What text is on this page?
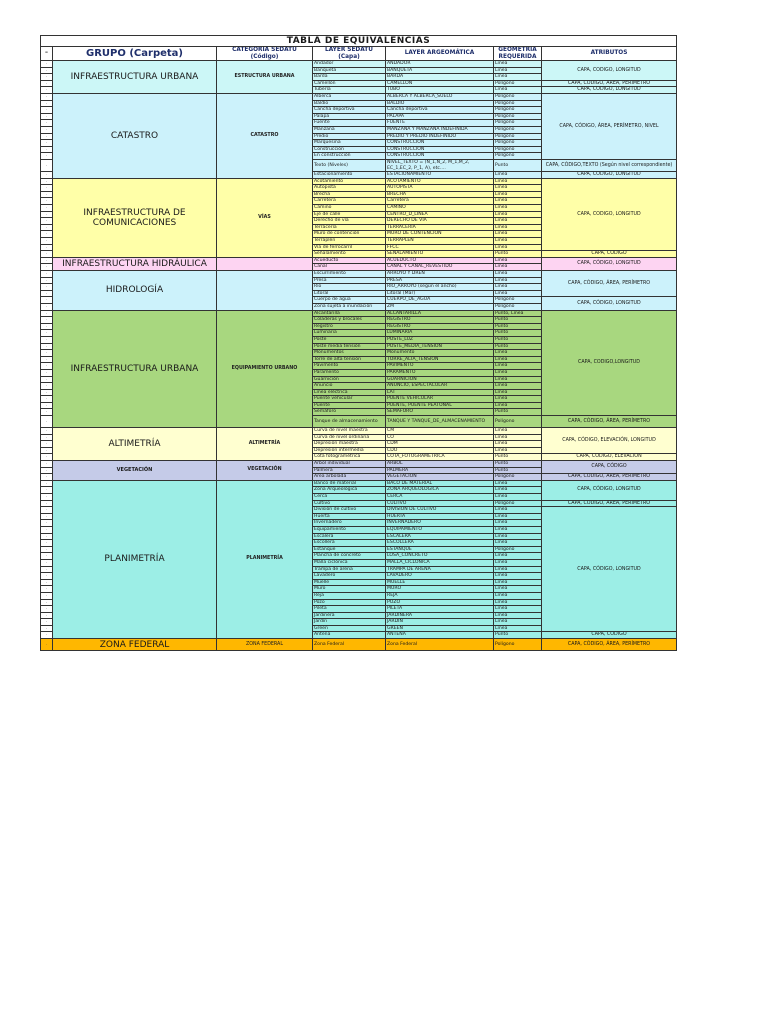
TABLA DE EQUIVALENCIAS						
–	GRUPO (Carpeta)	CATEGORIA SEDATU (Código)	LAYER SEDATU (Capa)	LAYER ARGEOMÁTICA	GEOMETRIA REQUERIDA	ATRIBUTOS
-	INFRAESTRUCTURA URBANA	ESTRUCTURA URBANA	Andador	ANDADOR	Línea	CAPA, CODIGO, LONGITUD
-			Banqueta	BANQUETA	Línea	
-			Barda	BARDA	Línea	
-			Camellón	CAMELLON	Polígono	CAPA, CÓDIGO, ÁREA, PERÍMETRO
-			Tubería	TUBO	Línea	CAPA, CÓDIGO, LONGITUD
-	CATASTRO	CATASTRO	Alberca	ALBERCA Y ALBERCA_SUELO	Polígono	CAPA, CÓDIGO, ÁREA, PERÍMETRO, NIVEL
-			Baldío	BALDIO	Polígono	
-			Cancha deportiva	Cancha deportiva	Polígono	
-			Palapa	PALAPA	Polígono	
-			Fuente	FUENTE	Polígono	
-			Manzana	MANZANA Y MANZANA INDEFINIDA	Polígono	
-			Predio	PREDIO Y PREDIO INDEFINIDO	Polígono	
-			Marquesina	CONSTRUCCION	Polígono	
-			Construcción	CONSTRUCCION	Polígono	
-			En construcción	CONSTRUCCION	Polígono	
-			Texto (Niveles)	NIVEL_TEXTO = (N_1,N_2, M_1,M_2, EC_1,EC_2, P_1, A), etc....	Punto	CAPA, CÓDIGO,TEXTO (Según nivel correspondiente)
-			Estacionamiento	ESTACIONAMIENTO	Línea	CAPA, CÓDIGO, LONGITUD
-	INFRAESTRUCTURA DE COMUNICACIONES	VÍAS	Acotamiento	ACOTAMIENTO	Línea	CAPA, CODIGO, LONGITUD
-			Autopista	AUTOPISTA	Línea	
-			Brecha	BRECHA	Línea	
-			Carretera	Carretera	Línea	
-			Camino	CAMINO	Línea	
-			Eje de calle	CENTRO_D_LINEA	Línea	
-			Derecho de vía	DERECHO DE VIA	Línea	
-			Terracería	TERRACERIA	Línea	
-			Muro de contención	MURO DE CONTENCION	Línea	
-			Terraplén	TERRAPLEN	Línea	
-			Vía de ferrocarril	FFCC	Línea	
-			Señalamiento	SEÑALAMIENTO	Punto	CAPA, CODIGO
-	INFRAESTRUCTURA HIDRÁULICA		Acueducto	ACUEDUCTO	Línea	CAPA, CÓDIGO, LONGITUD
-			Canal	CANAL Y CANAL_REVESTIDO	Línea	
-	HIDROLOGÍA		Escurrimiento	ARROYO Y DREN	Línea	CAPA, CÓDIGO, ÁREA, PERÍMETRO
-			Presa	PRESA	Línea	
-			Río	RIO_ARROYO (según el ancho)	Línea	
-			Litoral	Litoral (Mar)	Línea	
-			Cuerpo de agua	CUERPO_DE_AGUA	Polígono	CAPA, CÓDIGO, LONGITUD
-			Zona sujeta a inundación	ZM	Polígono	
-	INFRAESTRUCTURA URBANA	EQUIPAMIENTO URBANO	Alcantarilla	ALCANTARILLA	Punto, Línea	CAPA, CODIGO,LONGITUD
-			Coladeras y brocales	REGISTRO	Punto	
-			Registro	REGISTRO	Punto	
-			Luminaria	LUMINARIA	Punto	
-			Poste	POSTE_LUZ	Punto	
-			Poste media tensión	POSTE_MEDIA_TENSION	Punto	
-			Monumentos	Monumento	Línea	
-			Torre de alta tensión	TORRE_ALTA_TENSION	Línea	
-			Pavimento	PAVIMENTO	Línea	
-			Paramento	PARAMENTO	Línea	
-			Guarnición	GUARNICION	Línea	
-			Anuncio	ANUNCIO, ESPECTACULAR	Línea	
-			Línea eléctrica	LAT	Línea	
-			Puente vehicular	PUENTE VEHICULAR	Línea	
-			Puente	PUENTE, PUENTE PEATONAL	Línea	
-			Semáforo	SEMAFORO	Punto	
-			Tanque de almacenamiento	TANQUE Y TANQUE_DE_ALMACENAMIENTO	Polígono	CAPA, CÓDIGO, ÁREA, PERÍMETRO
-	ALTIMETRÍA	ALTIMETRÍA	Curva de nivel maestra	CM	Línea	CAPA, CÓDIGO, ELEVACIÓN, LONGITUD
-			Curva de nivel ordinaria	CO	Línea	
-			Depresión maestra	CDM	Línea	
-			Depresión intermedia	CDO	Línea	
-			Cota fotogramétrica	COTA_FOTOGRAMETRICA	Punto	CAPA, CÓDIGO, ELEVACIÓN
-	VEGETACIÓN	VEGETACIÓN	Árbol individual	ARBOL	Punto	CAPA, CÓDIGO
-			Palmera	PALMERA	Punto	
-			Área arbolada	VEGETACION	Polígono	CAPA, CÓDIGO, ÁREA, PERÍMETRO
-	PLANIMETRÍA	PLANIMETRÍA	Banco de material	BACO DE MATERIAL	Línea	CAPA, CÓDIGO, LONGITUD
-			Zona Arqueológica	ZONA ARQUEOLÓGICA	Línea	
-			Cerca	CERCA	Línea	
-			Cultivo	CULTIVO	Polígono	CAPA, CÓDIGO, ÁREA, PERÍMETRO
-			División de cultivo	DIVISION DE CULTIVO	Línea	CAPA, CÓDIGO, LONGITUD
-			Huerta	HUERTA	Línea	
-			Invernadero	INVERNADERO	Línea	
-			Equipamiento	EQUIPAMIENTO	Línea	
-			Escalera	ESCALERA	Línea	
-			Escollera	ESCOLLERA	Línea	
-			Estanque	ESTANQUE	Polígono	
-			Plancha de concreto	LOSA_CONCRETO	Línea	
-			Malla ciclónica	MALLA_CICLONICA	Línea	
-			Trampa de arena	TRAMPA DE ARENA	Línea	
-			Lavadero	LAVADERO	Línea	
-			Muelle	MUELLE	Línea	
-			Muro	MURO	Línea	
-			Reja	REJA	Línea	
-			Pozo	POZO	Línea	
-			Pileta	PILETA	Línea	
-			Jardinera	JARDINERA	Línea	
-			Jardín	JARDIN	Línea	
-			Green	GREEN	Línea	
-			Antena	ANTENA	Punto	CAPA, CODIGO
-	ZONA FEDERAL	ZONA FEDERAL	Zona Federal	Zona Federal	Polígono	CAPA, CÓDIGO, ÁREA, PERÍMETRO
